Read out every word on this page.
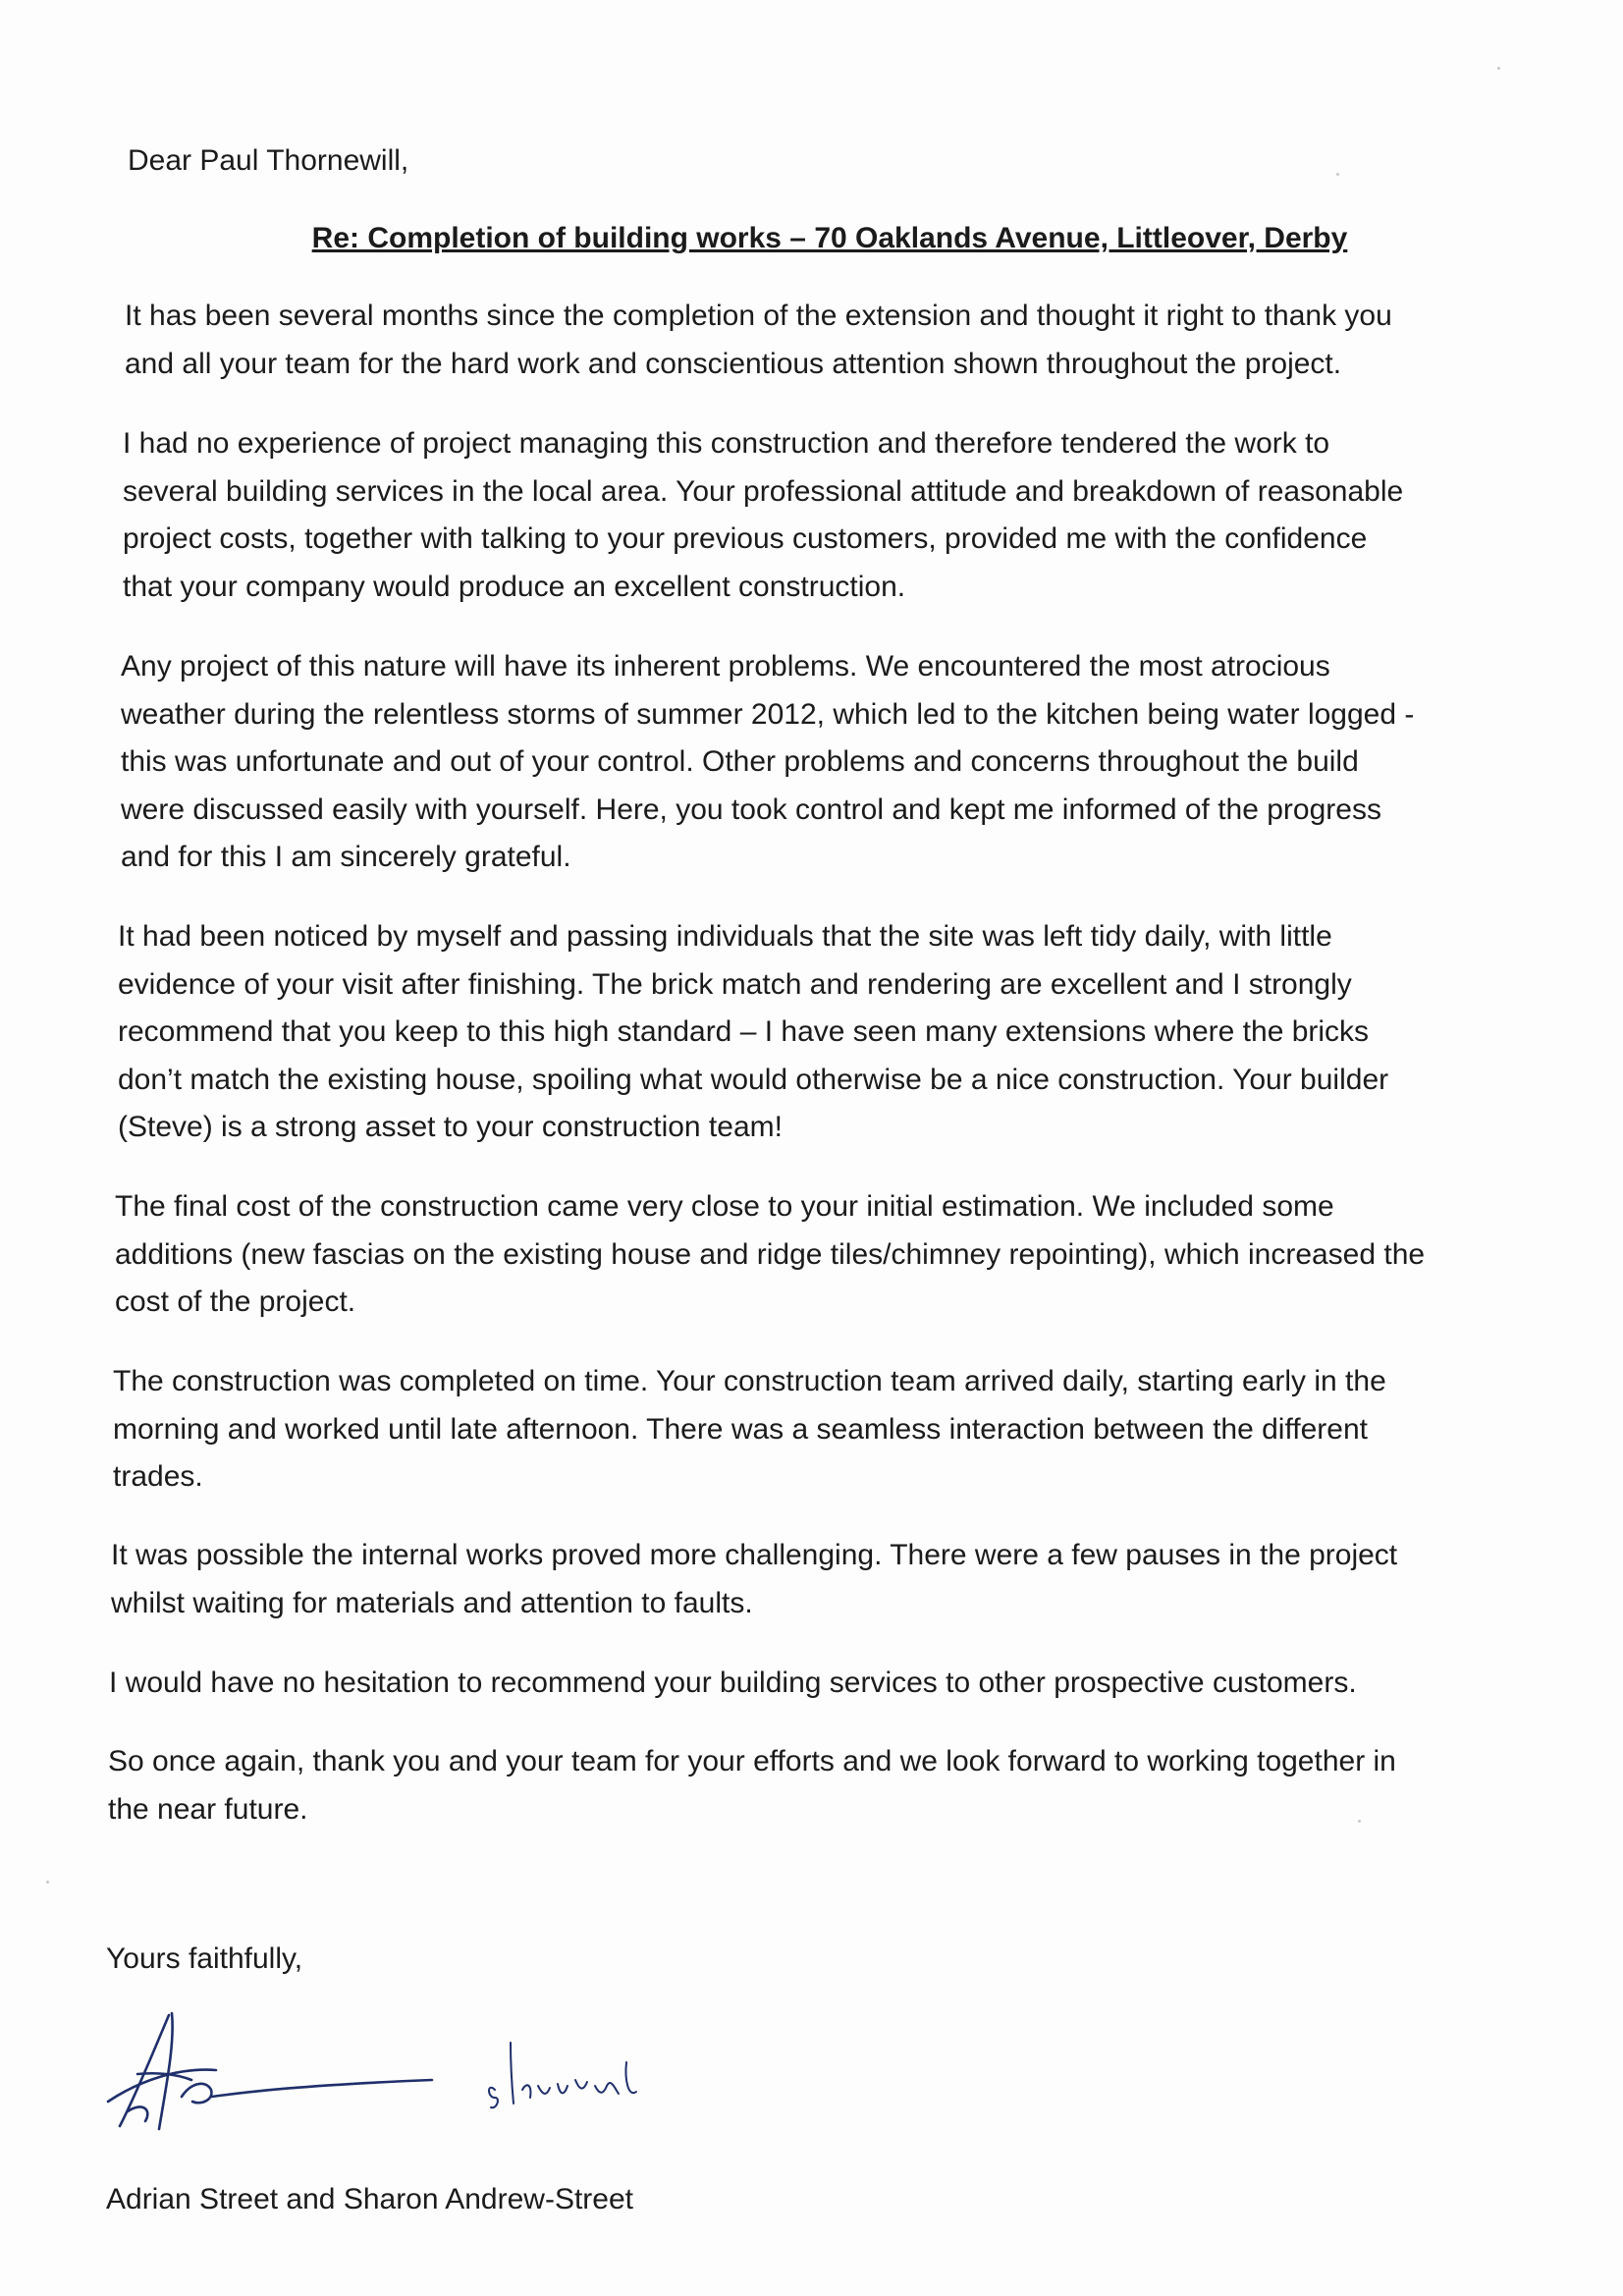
Dear Paul Thornewill,

Re: Completion of building works – 70 Oaklands Avenue, Littleover, Derby

It has been several months since the completion of the extension and thought it right to thank you
and all your team for the hard work and conscientious attention shown throughout the project.

I had no experience of project managing this construction and therefore tendered the work to
several building services in the local area. Your professional attitude and breakdown of reasonable
project costs, together with talking to your previous customers, provided me with the confidence
that your company would produce an excellent construction.

Any project of this nature will have its inherent problems. We encountered the most atrocious
weather during the relentless storms of summer 2012, which led to the kitchen being water logged -
this was unfortunate and out of your control. Other problems and concerns throughout the build
were discussed easily with yourself. Here, you took control and kept me informed of the progress
and for this I am sincerely grateful.

It had been noticed by myself and passing individuals that the site was left tidy daily, with little
evidence of your visit after finishing. The brick match and rendering are excellent and I strongly
recommend that you keep to this high standard – I have seen many extensions where the bricks
don’t match the existing house, spoiling what would otherwise be a nice construction. Your builder
(Steve) is a strong asset to your construction team!

The final cost of the construction came very close to your initial estimation. We included some
additions (new fascias on the existing house and ridge tiles/chimney repointing), which increased the
cost of the project.

The construction was completed on time. Your construction team arrived daily, starting early in the
morning and worked until late afternoon. There was a seamless interaction between the different
trades.

It was possible the internal works proved more challenging. There were a few pauses in the project
whilst waiting for materials and attention to faults.

I would have no hesitation to recommend your building services to other prospective customers.

So once again, thank you and your team for your efforts and we look forward to working together in
the near future.

Yours faithfully,

Adrian Street and Sharon Andrew-Street
